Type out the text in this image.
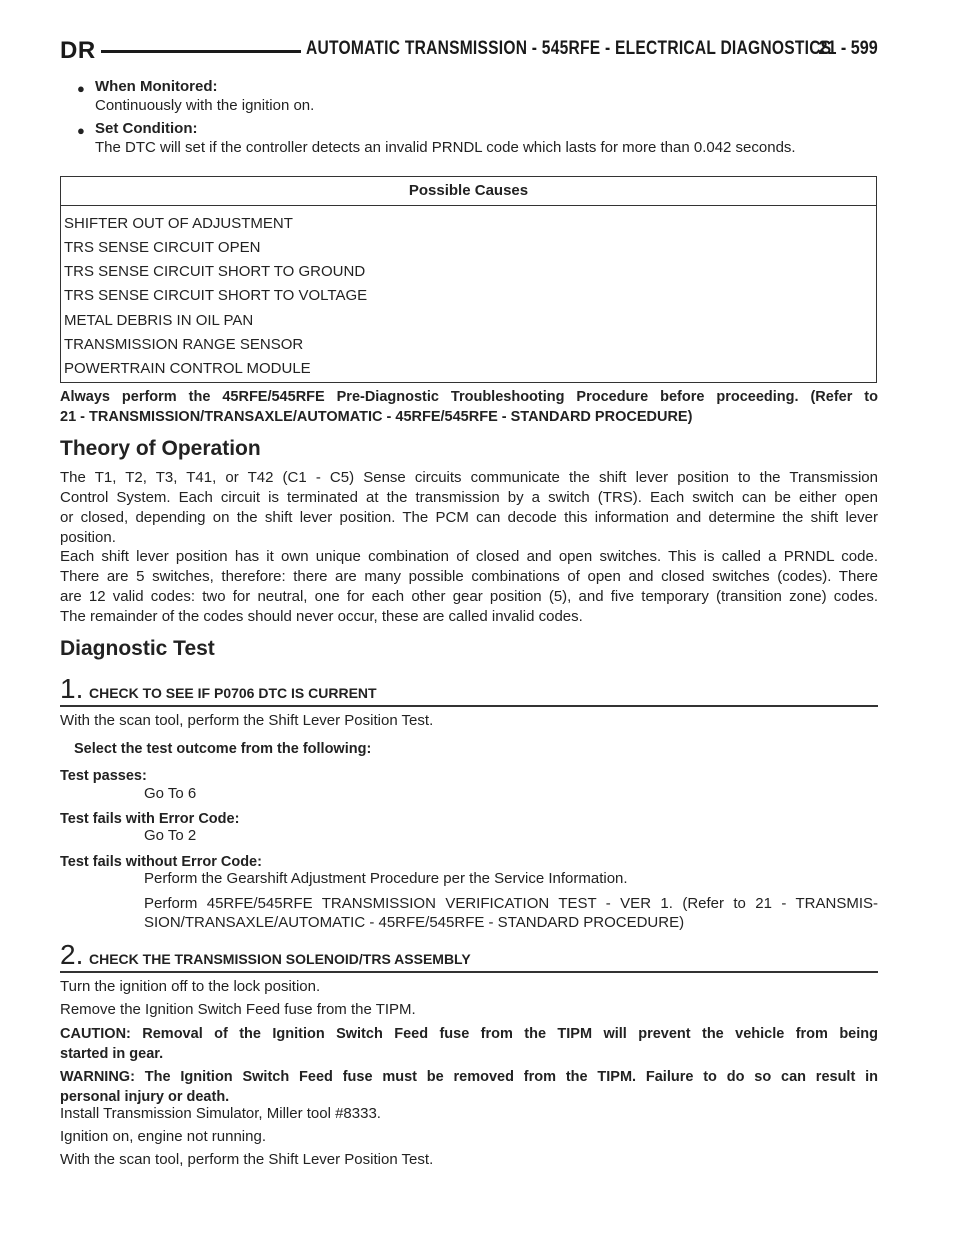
DR	AUTOMATIC TRANSMISSION - 545RFE - ELECTRICAL DIAGNOSTICS
21 - 599
● When Monitored:
Continuously with the ignition on.
● Set Condition:
The DTC will set if the controller detects an invalid PRNDL code which lasts for more than 0.042 seconds.
Possible Causes
SHIFTER OUT OF ADJUSTMENT
TRS SENSE CIRCUIT OPEN
TRS SENSE CIRCUIT SHORT TO GROUND
TRS SENSE CIRCUIT SHORT TO VOLTAGE
METAL DEBRIS IN OIL PAN
TRANSMISSION RANGE SENSOR
POWERTRAIN CONTROL MODULE
Always perform the 45RFE/545RFE Pre-Diagnostic Troubleshooting Procedure before proceeding. (Refer to
21 - TRANSMISSION/TRANSAXLE/AUTOMATIC - 45RFE/545RFE - STANDARD PROCEDURE)
Theory of Operation
The T1, T2, T3, T41, or T42 (C1 - C5) Sense circuits communicate the shift lever position to the Transmission
Control System. Each circuit is terminated at the transmission by a switch (TRS). Each switch can be either open
or closed, depending on the shift lever position. The PCM can decode this information and determine the shift lever
position.
Each shift lever position has it own unique combination of closed and open switches. This is called a PRNDL code.
There are 5 switches, therefore: there are many possible combinations of open and closed switches (codes). There
are 12 valid codes: two for neutral, one for each other gear position (5), and five temporary (transition zone) codes.
The remainder of the codes should never occur, these are called invalid codes.
Diagnostic Test
1. CHECK TO SEE IF P0706 DTC IS CURRENT
With the scan tool, perform the Shift Lever Position Test.
Select the test outcome from the following:
Test passes:
Go To 6
Test fails with Error Code:
Go To 2
Test fails without Error Code:
Perform the Gearshift Adjustment Procedure per the Service Information.
Perform 45RFE/545RFE TRANSMISSION VERIFICATION TEST - VER 1. (Refer to 21 - TRANSMIS-
SION/TRANSAXLE/AUTOMATIC - 45RFE/545RFE - STANDARD PROCEDURE)
2. CHECK THE TRANSMISSION SOLENOID/TRS ASSEMBLY
Turn the ignition off to the lock position.
Remove the Ignition Switch Feed fuse from the TIPM.
CAUTION: Removal of the Ignition Switch Feed fuse from the TIPM will prevent the vehicle from being
started in gear.
WARNING: The Ignition Switch Feed fuse must be removed from the TIPM. Failure to do so can result in
personal injury or death.
Install Transmission Simulator, Miller tool #8333.
Ignition on, engine not running.
With the scan tool, perform the Shift Lever Position Test.
